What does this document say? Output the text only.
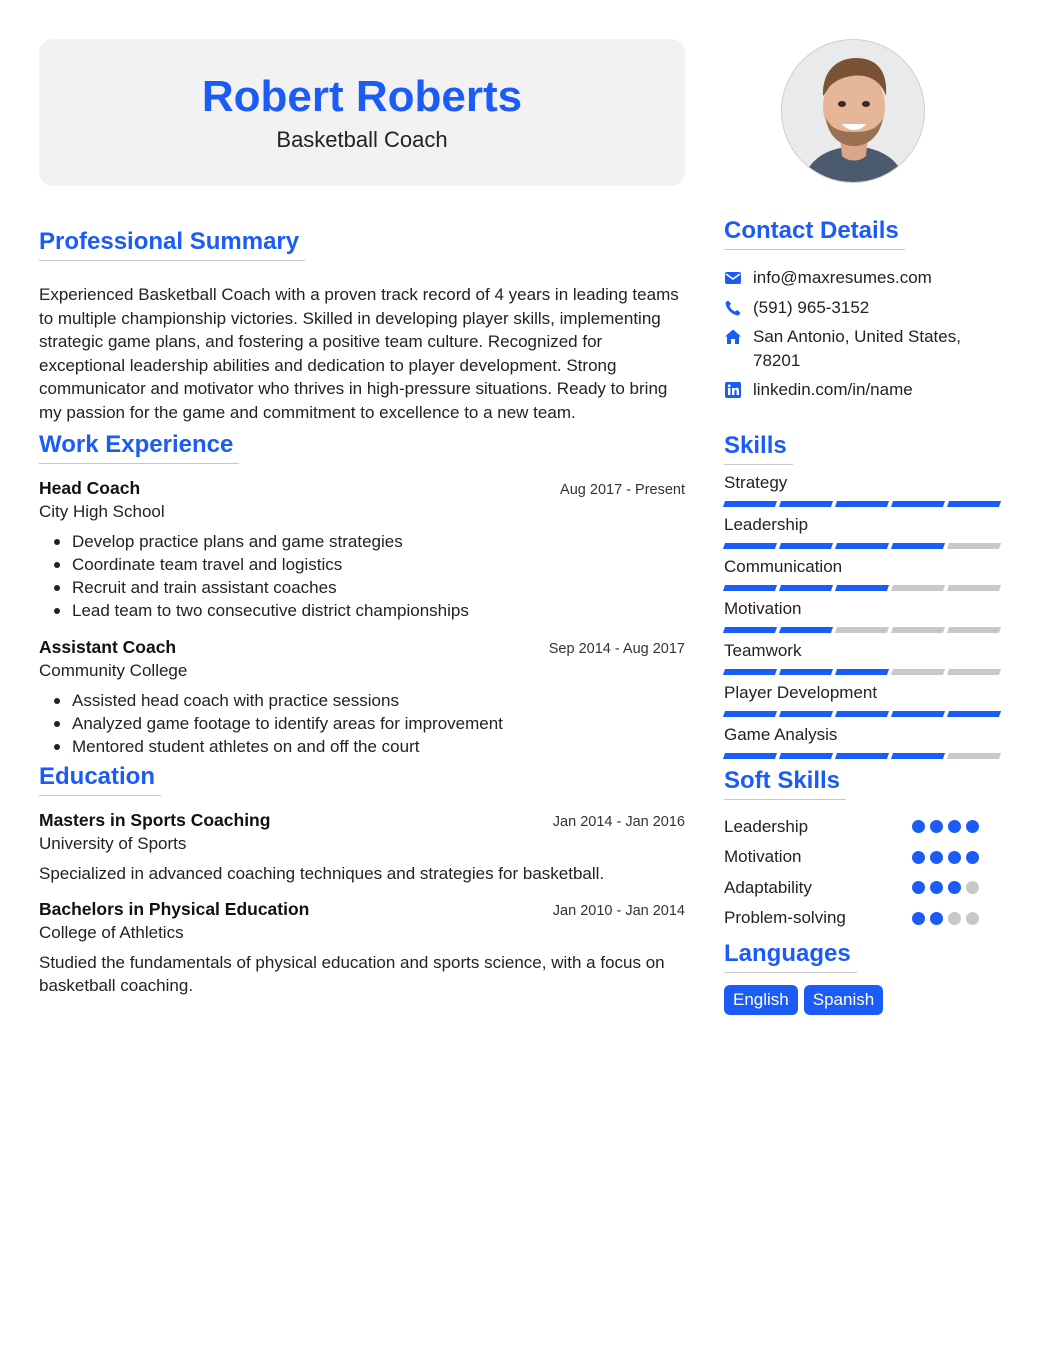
Robert Roberts
Basketball Coach
Professional Summary
Experienced Basketball Coach with a proven track record of 4 years in leading teams to multiple championship victories. Skilled in developing player skills, implementing strategic game plans, and fostering a positive team culture. Recognized for exceptional leadership abilities and dedication to player development. Strong communicator and motivator who thrives in high-pressure situations. Ready to bring my passion for the game and commitment to excellence to a new team.
Work Experience
Head Coach	Aug 2017 - Present
City High School
Develop practice plans and game strategies
Coordinate team travel and logistics
Recruit and train assistant coaches
Lead team to two consecutive district championships
Assistant Coach	Sep 2014 - Aug 2017
Community College
Assisted head coach with practice sessions
Analyzed game footage to identify areas for improvement
Mentored student athletes on and off the court
Education
Masters in Sports Coaching	Jan 2014 - Jan 2016
University of Sports
Specialized in advanced coaching techniques and strategies for basketball.
Bachelors in Physical Education	Jan 2010 - Jan 2014
College of Athletics
Studied the fundamentals of physical education and sports science, with a focus on basketball coaching.
Contact Details
info@maxresumes.com
(591) 965-3152
San Antonio, United States, 78201
linkedin.com/in/name
Skills
Strategy
Leadership
Communication
Motivation
Teamwork
Player Development
Game Analysis
Soft Skills
Leadership
Motivation
Adaptability
Problem-solving
Languages
English	Spanish
